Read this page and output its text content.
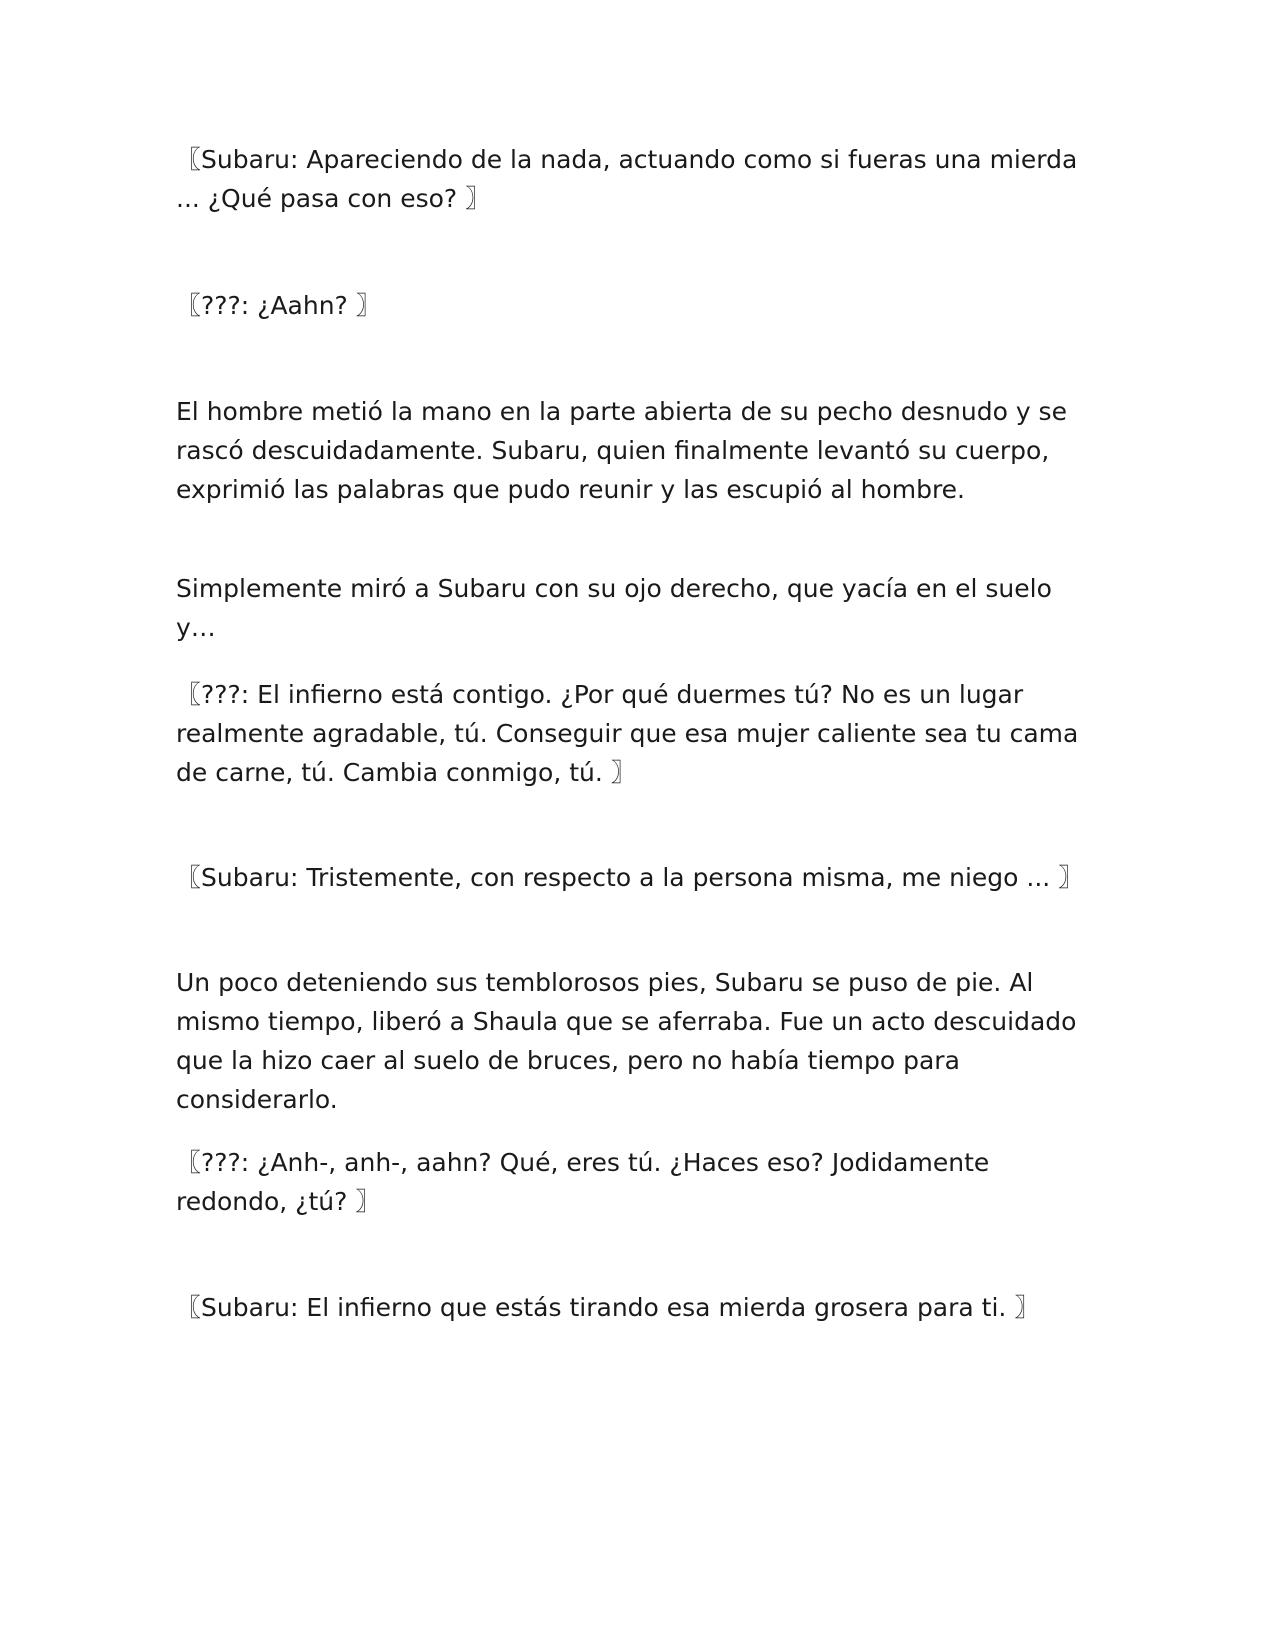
〖Subaru: Apareciendo de la nada, actuando como si fueras una mierda ... ¿Qué pasa con eso? 〗

〖???: ¿Aahn? 〗

El hombre metió la mano en la parte abierta de su pecho desnudo y se rascó descuidadamente. Subaru, quien finalmente levantó su cuerpo, exprimió las palabras que pudo reunir y las escupió al hombre.

Simplemente miró a Subaru con su ojo derecho, que yacía en el suelo y…

〖???: El infierno está contigo. ¿Por qué duermes tú? No es un lugar realmente agradable, tú. Conseguir que esa mujer caliente sea tu cama de carne, tú. Cambia conmigo, tú. 〗

〖Subaru: Tristemente, con respecto a la persona misma, me niego ... 〗

Un poco deteniendo sus temblorosos pies, Subaru se puso de pie. Al mismo tiempo, liberó a Shaula que se aferraba. Fue un acto descuidado que la hizo caer al suelo de bruces, pero no había tiempo para considerarlo.

〖???: ¿Anh-, anh-, aahn? Qué, eres tú. ¿Haces eso? Jodidamente redondo, ¿tú? 〗

〖Subaru: El infierno que estás tirando esa mierda grosera para ti. 〗
